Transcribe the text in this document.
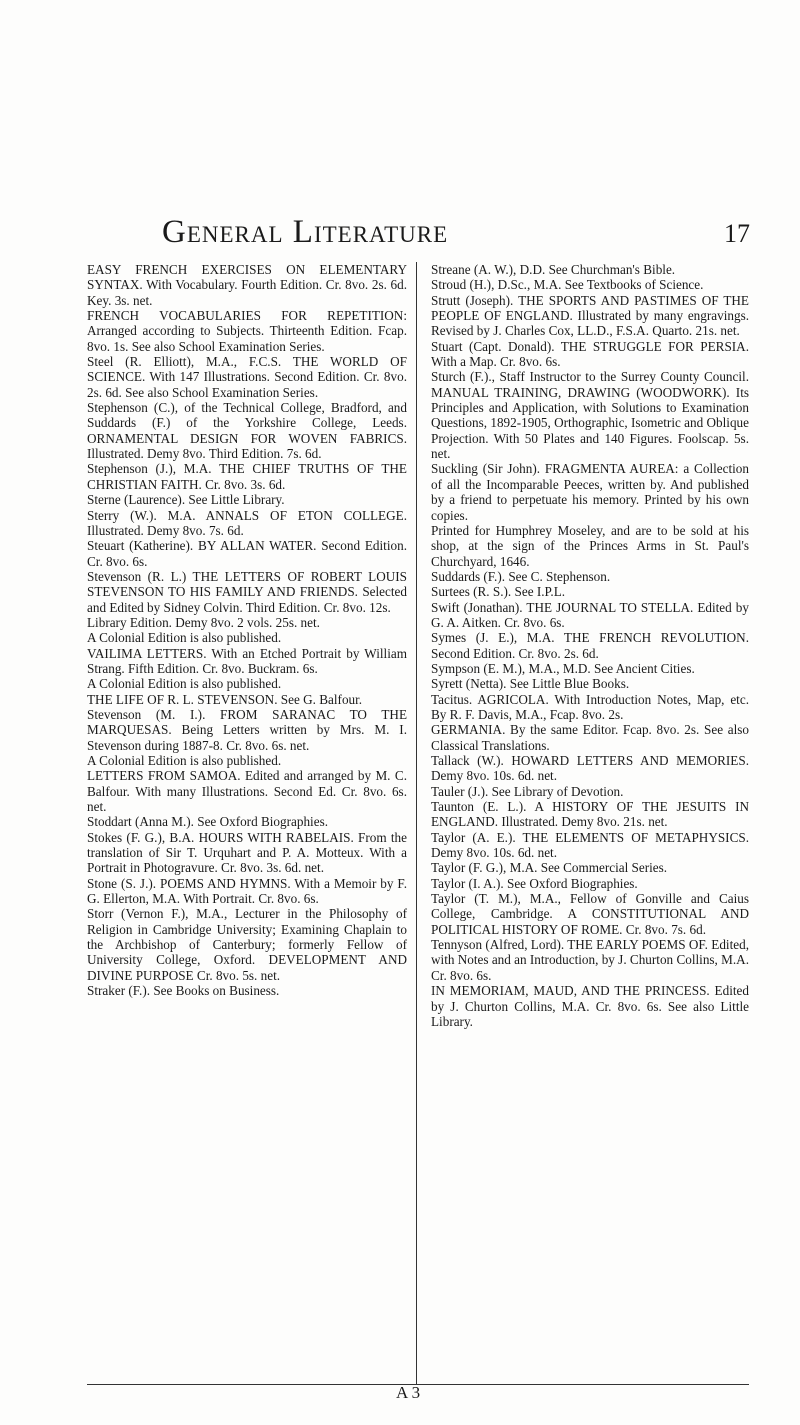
General Literature	17

EASY FRENCH EXERCISES ON ELEMENTARY SYNTAX. With Vocabulary. Fourth Edition. Cr. 8vo. 2s. 6d. Key. 3s. net.

FRENCH VOCABULARIES FOR REPETITION: Arranged according to Subjects. Thirteenth Edition. Fcap. 8vo. 1s. See also School Examination Series.

Steel (R. Elliott), M.A., F.C.S. THE WORLD OF SCIENCE. With 147 Illustrations. Second Edition. Cr. 8vo. 2s. 6d. See also School Examination Series.

Stephenson (C.), of the Technical College, Bradford, and Suddards (F.) of the Yorkshire College, Leeds. ORNAMENTAL DESIGN FOR WOVEN FABRICS. Illustrated. Demy 8vo. Third Edition. 7s. 6d.

Stephenson (J.), M.A. THE CHIEF TRUTHS OF THE CHRISTIAN FAITH. Cr. 8vo. 3s. 6d.

Sterne (Laurence). See Little Library.

Sterry (W.). M.A. ANNALS OF ETON COLLEGE. Illustrated. Demy 8vo. 7s. 6d.

Steuart (Katherine). BY ALLAN WATER. Second Edition. Cr. 8vo. 6s.

Stevenson (R. L.) THE LETTERS OF ROBERT LOUIS STEVENSON TO HIS FAMILY AND FRIENDS. Selected and Edited by Sidney Colvin. Third Edition. Cr. 8vo. 12s.

Library Edition. Demy 8vo. 2 vols. 25s. net.

A Colonial Edition is also published.

VAILIMA LETTERS. With an Etched Portrait by William Strang. Fifth Edition. Cr. 8vo. Buckram. 6s.

A Colonial Edition is also published.

THE LIFE OF R. L. STEVENSON. See G. Balfour.

Stevenson (M. I.). FROM SARANAC TO THE MARQUESAS. Being Letters written by Mrs. M. I. Stevenson during 1887-8. Cr. 8vo. 6s. net.

A Colonial Edition is also published.

LETTERS FROM SAMOA. Edited and arranged by M. C. Balfour. With many Illustrations. Second Ed. Cr. 8vo. 6s. net.

Stoddart (Anna M.). See Oxford Biographies.

Stokes (F. G.), B.A. HOURS WITH RABELAIS. From the translation of Sir T. Urquhart and P. A. Motteux. With a Portrait in Photogravure. Cr. 8vo. 3s. 6d. net.

Stone (S. J.). POEMS AND HYMNS. With a Memoir by F. G. Ellerton, M.A. With Portrait. Cr. 8vo. 6s.

Storr (Vernon F.), M.A., Lecturer in the Philosophy of Religion in Cambridge University; Examining Chaplain to the Archbishop of Canterbury; formerly Fellow of University College, Oxford. DEVELOPMENT AND DIVINE PURPOSE Cr. 8vo. 5s. net.

Straker (F.). See Books on Business.

Streane (A. W.), D.D. See Churchman's Bible.

Stroud (H.), D.Sc., M.A. See Textbooks of Science.

Strutt (Joseph). THE SPORTS AND PASTIMES OF THE PEOPLE OF ENGLAND. Illustrated by many engravings. Revised by J. Charles Cox, LL.D., F.S.A. Quarto. 21s. net.

Stuart (Capt. Donald). THE STRUGGLE FOR PERSIA. With a Map. Cr. 8vo. 6s.

Sturch (F.)., Staff Instructor to the Surrey County Council. MANUAL TRAINING, DRAWING (WOODWORK). Its Principles and Application, with Solutions to Examination Questions, 1892-1905, Orthographic, Isometric and Oblique Projection. With 50 Plates and 140 Figures. Foolscap. 5s. net.

Suckling (Sir John). FRAGMENTA AUREA: a Collection of all the Incomparable Peeces, written by. And published by a friend to perpetuate his memory. Printed by his own copies.

Printed for Humphrey Moseley, and are to be sold at his shop, at the sign of the Princes Arms in St. Paul's Churchyard, 1646.

Suddards (F.). See C. Stephenson.

Surtees (R. S.). See I.P.L.

Swift (Jonathan). THE JOURNAL TO STELLA. Edited by G. A. Aitken. Cr. 8vo. 6s.

Symes (J. E.), M.A. THE FRENCH REVOLUTION. Second Edition. Cr. 8vo. 2s. 6d.

Sympson (E. M.), M.A., M.D. See Ancient Cities.

Syrett (Netta). See Little Blue Books.

Tacitus. AGRICOLA. With Introduction Notes, Map, etc. By R. F. Davis, M.A., Fcap. 8vo. 2s.

GERMANIA. By the same Editor. Fcap. 8vo. 2s. See also Classical Translations.

Tallack (W.). HOWARD LETTERS AND MEMORIES. Demy 8vo. 10s. 6d. net.

Tauler (J.). See Library of Devotion.

Taunton (E. L.). A HISTORY OF THE JESUITS IN ENGLAND. Illustrated. Demy 8vo. 21s. net.

Taylor (A. E.). THE ELEMENTS OF METAPHYSICS. Demy 8vo. 10s. 6d. net.

Taylor (F. G.), M.A. See Commercial Series.

Taylor (I. A.). See Oxford Biographies.

Taylor (T. M.), M.A., Fellow of Gonville and Caius College, Cambridge. A CONSTITUTIONAL AND POLITICAL HISTORY OF ROME. Cr. 8vo. 7s. 6d.

Tennyson (Alfred, Lord). THE EARLY POEMS OF. Edited, with Notes and an Introduction, by J. Churton Collins, M.A. Cr. 8vo. 6s.

IN MEMORIAM, MAUD, AND THE PRINCESS. Edited by J. Churton Collins, M.A. Cr. 8vo. 6s. See also Little Library.

A 3
